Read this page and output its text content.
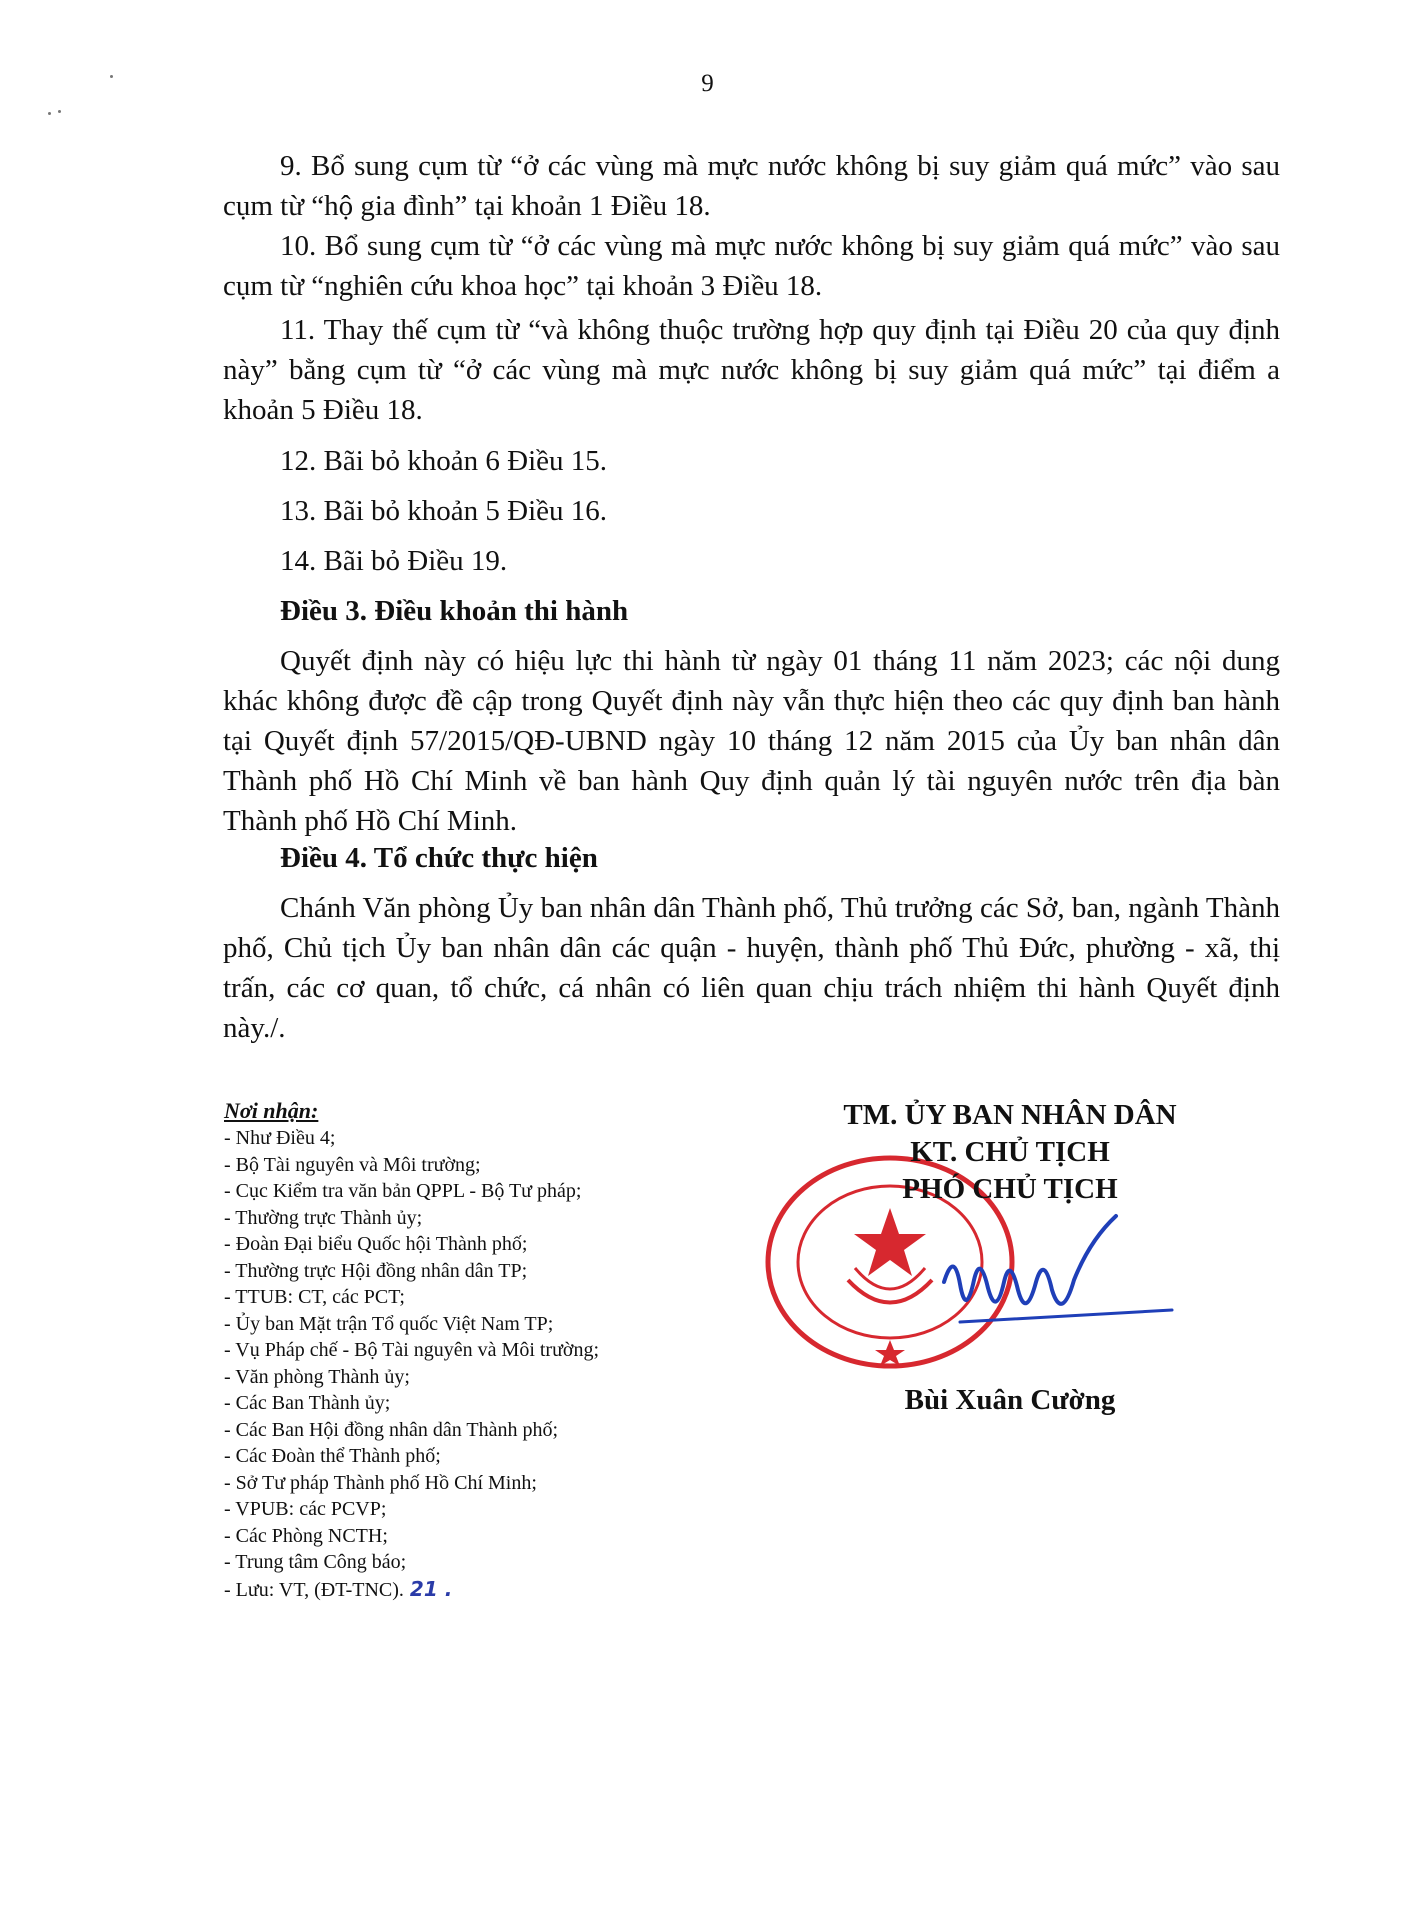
9

9. Bổ sung cụm từ “ở các vùng mà mực nước không bị suy giảm quá mức” vào sau cụm từ “hộ gia đình” tại khoản 1 Điều 18.

10. Bổ sung cụm từ “ở các vùng mà mực nước không bị suy giảm quá mức” vào sau cụm từ “nghiên cứu khoa học” tại khoản 3 Điều 18.

11. Thay thế cụm từ “và không thuộc trường hợp quy định tại Điều 20 của quy định này” bằng cụm từ “ở các vùng mà mực nước không bị suy giảm quá mức” tại điểm a khoản 5 Điều 18.

12. Bãi bỏ khoản 6 Điều 15.

13. Bãi bỏ khoản 5 Điều 16.

14. Bãi bỏ Điều 19.

Điều 3. Điều khoản thi hành

Quyết định này có hiệu lực thi hành từ ngày 01 tháng 11 năm 2023; các nội dung khác không được đề cập trong Quyết định này vẫn thực hiện theo các quy định ban hành tại Quyết định 57/2015/QĐ-UBND ngày 10 tháng 12 năm 2015 của Ủy ban nhân dân Thành phố Hồ Chí Minh về ban hành Quy định quản lý tài nguyên nước trên địa bàn Thành phố Hồ Chí Minh.

Điều 4. Tổ chức thực hiện

Chánh Văn phòng Ủy ban nhân dân Thành phố, Thủ trưởng các Sở, ban, ngành Thành phố, Chủ tịch Ủy ban nhân dân các quận - huyện, thành phố Thủ Đức, phường - xã, thị trấn, các cơ quan, tổ chức, cá nhân có liên quan chịu trách nhiệm thi hành Quyết định này./.

Nơi nhận:
- Như Điều 4;
- Bộ Tài nguyên và Môi trường;
- Cục Kiểm tra văn bản QPPL - Bộ Tư pháp;
- Thường trực Thành ủy;
- Đoàn Đại biểu Quốc hội Thành phố;
- Thường trực Hội đồng nhân dân TP;
- TTUB: CT, các PCT;
- Ủy ban Mặt trận Tổ quốc Việt Nam TP;
- Vụ Pháp chế - Bộ Tài nguyên và Môi trường;
- Văn phòng Thành ủy;
- Các Ban Thành ủy;
- Các Ban Hội đồng nhân dân Thành phố;
- Các Đoàn thể Thành phố;
- Sở Tư pháp Thành phố Hồ Chí Minh;
- VPUB: các PCVP;
- Các Phòng NCTH;
- Trung tâm Công báo;
- Lưu: VT, (ĐT-TNC). 21 .
TM. ỦY BAN NHÂN DÂN
KT. CHỦ TỊCH
PHÓ CHỦ TỊCH
Bùi Xuân Cường
